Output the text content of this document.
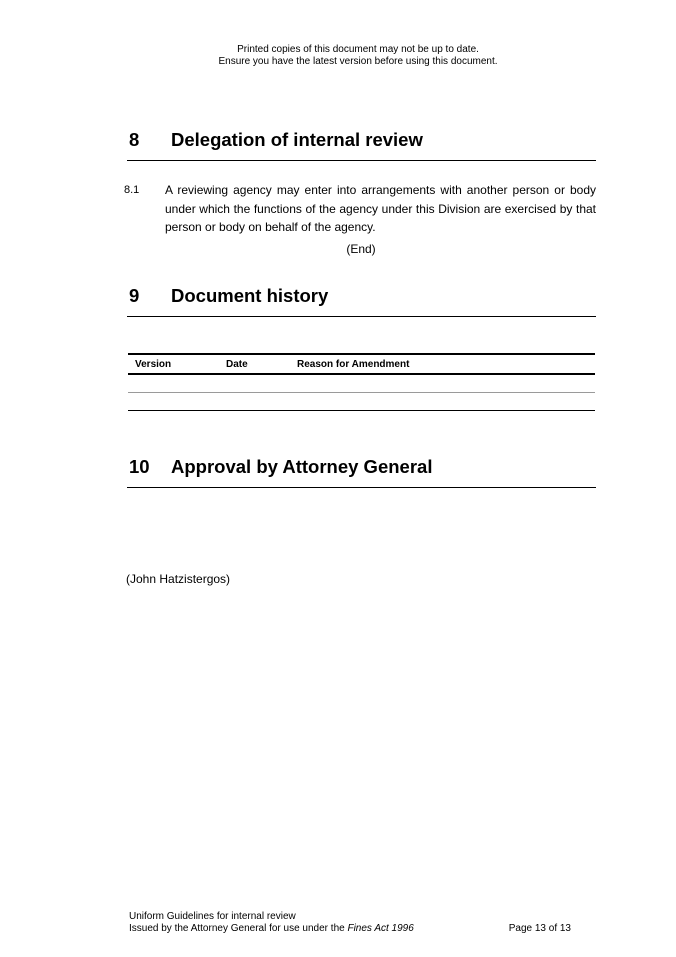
Printed copies of this document may not be up to date.
Ensure you have the latest version before using this document.
8 Delegation of internal review
8.1 A reviewing agency may enter into arrangements with another person or body under which the functions of the agency under this Division are exercised by that person or body on behalf of the agency.
(End)
9 Document history
Version	Date	Reason for Amendment
10 Approval by Attorney General
(John Hatzistergos)
Uniform Guidelines for internal review
Issued by the Attorney General for use under the Fines Act 1996	Page 13 of 13
